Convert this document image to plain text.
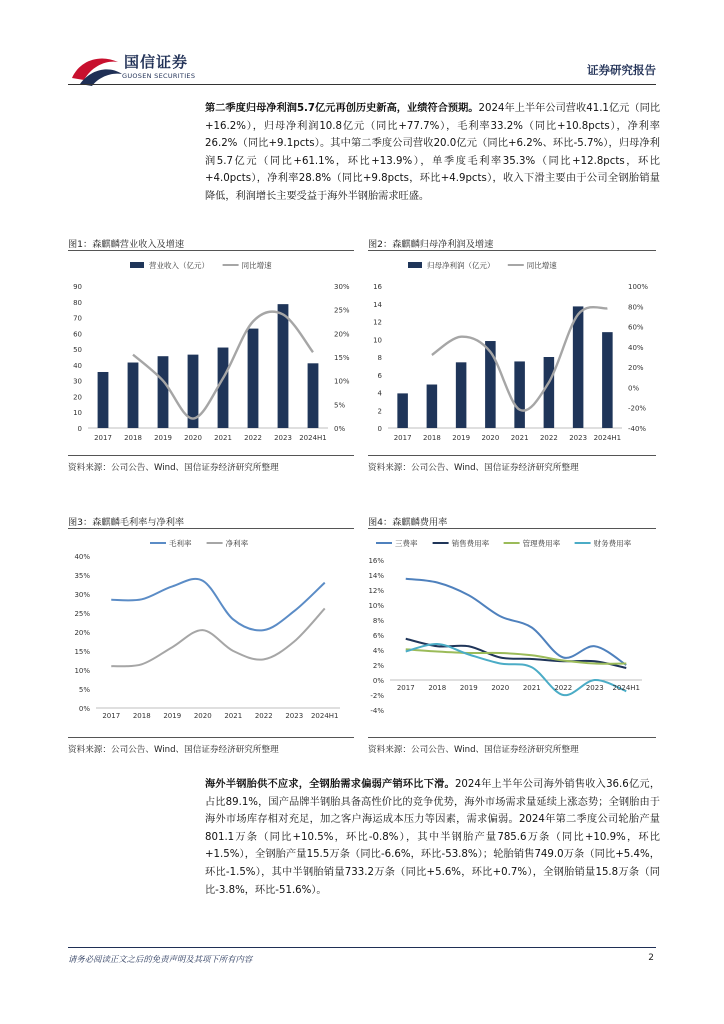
国信证券
GUOSEN SECURITIES	证券研究报告
第二季度归母净利润5.7亿元再创历史新高，业绩符合预期。2024年上半年公司营收41.1亿元（同比+16.2%），归母净利润10.8亿元（同比+77.7%），毛利率33.2%（同比+10.8pcts），净利率26.2%（同比+9.1pcts）。其中第二季度公司营收20.0亿元（同比+6.2%、环比-5.7%），归母净利润5.7亿元（同比+61.1%，环比+13.9%），单季度毛利率35.3%（同比+12.8pcts，环比+4.0pcts），净利率28.8%（同比+9.8pcts，环比+4.9pcts），收入下滑主要由于公司全钢胎销量降低，利润增长主要受益于海外半钢胎需求旺盛。
图1：森麒麟营业收入及增速	图2：森麒麟归母净利润及增速
0
10
20
30
40
50
60
70
80
90
0%
5%
10%
15%
20%
25%
30%
2017 2018 2019 2020 2021 2022 2023 2024H1
营业收入（亿元）	同比增速
0
2
4
6
8
10
12
14
16
-40%
-20%
0%
20%
40%
60%
80%
100%
2017 2018 2019 2020 2021 2022 2023 2024H1
归母净利润（亿元）	同比增速
资料来源：公司公告、Wind、国信证券经济研究所整理	资料来源：公司公告、Wind、国信证券经济研究所整理
图3：森麒麟毛利率与净利率	图4：森麒麟费用率
0%
5%
10%
15%
20%
25%
30%
35%
40%
2017 2018 2019 2020 2021 2022 2023 2024H1
毛利率	净利率
-4%
-2%
0%
2%
4%
6%
8%
10%
12%
14%
16%
2017 2018 2019 2020 2021 2022 2023 2024H1
三费率	销售费用率	管理费用率	财务费用率
资料来源：公司公告、Wind、国信证券经济研究所整理	资料来源：公司公告、Wind、国信证券经济研究所整理
海外半钢胎供不应求，全钢胎需求偏弱产销环比下滑。2024年上半年公司海外销售收入36.6亿元，占比89.1%，国产品牌半钢胎具备高性价比的竞争优势，海外市场需求量延续上涨态势；全钢胎由于海外市场库存相对充足，加之客户海运成本压力等因素，需求偏弱。2024年第二季度公司轮胎产量801.1万条（同比+10.5%，环比-0.8%），其中半钢胎产量785.6万条（同比+10.9%，环比+1.5%），全钢胎产量15.5万条（同比-6.6%，环比-53.8%）；轮胎销售749.0万条（同比+5.4%，环比-1.5%），其中半钢胎销量733.2万条（同比+5.6%，环比+0.7%），全钢胎销量15.8万条（同比-3.8%，环比-51.6%）。
请务必阅读正文之后的免责声明及其项下所有内容	2
